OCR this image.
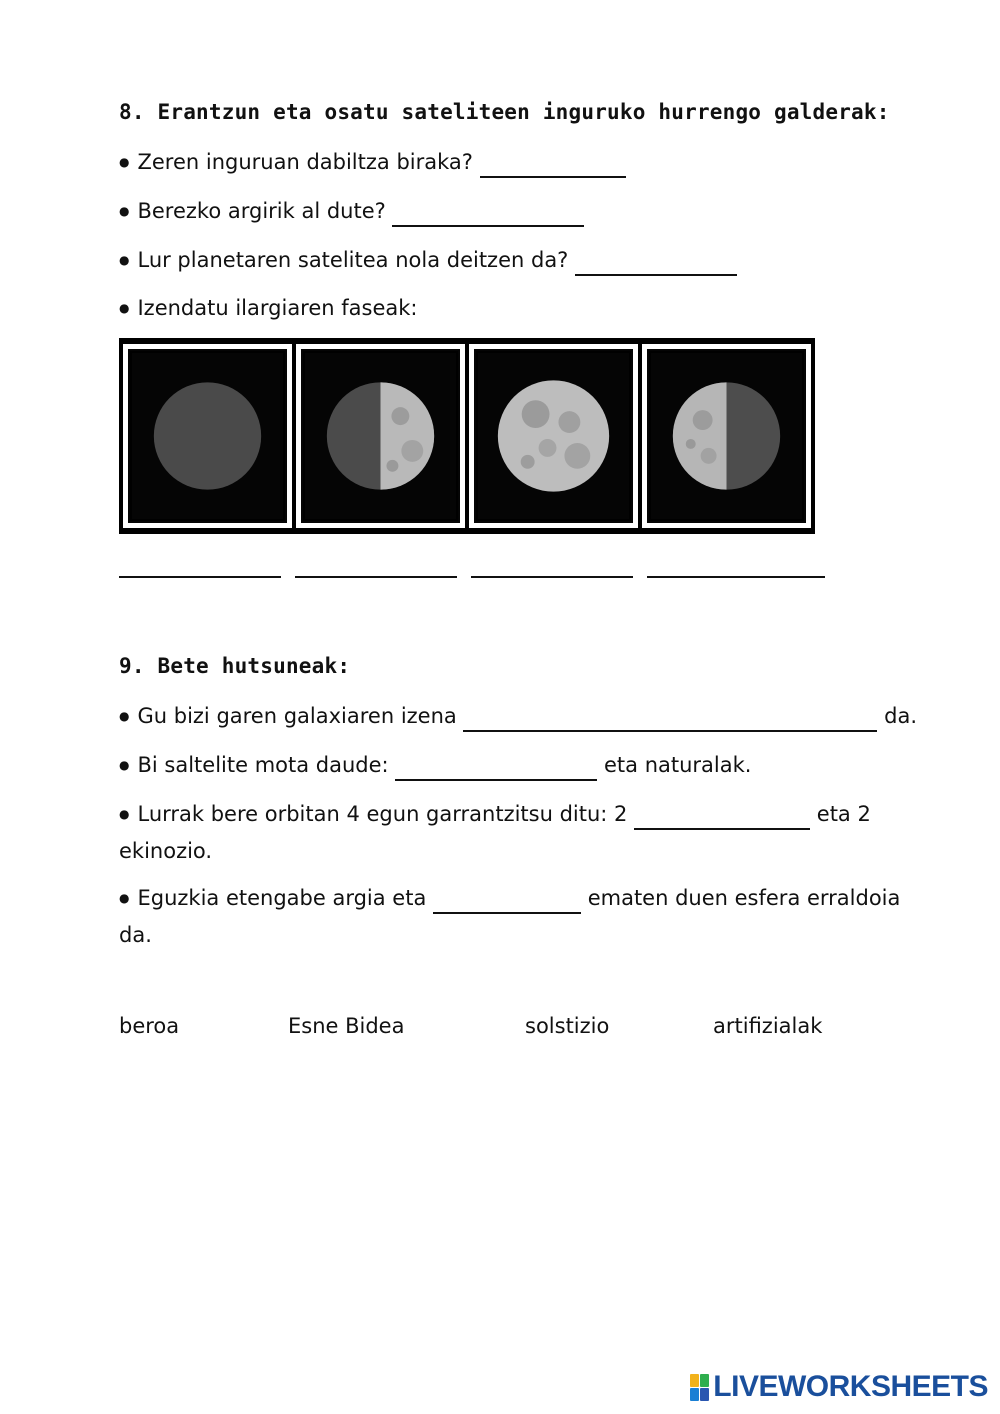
8. Erantzun eta osatu sateliteen inguruko hurrengo galderak:
● Zeren inguruan dabiltza biraka?
● Berezko argirik al dute?
● Lur planetaren satelitea nola deitzen da?
● Izendatu ilargiaren faseak:
9. Bete hutsuneak:
● Gu bizi garen galaxiaren izena	da.
● Bi saltelite mota daude:	eta naturalak.
● Lurrak bere orbitan 4 egun garrantzitsu ditu: 2	eta 2 ekinozio.
● Eguzkia etengabe argia eta	ematen duen esfera erraldoia da.
beroa	Esne Bidea	solstizio	artifizialak
LIVEWORKSHEETS
